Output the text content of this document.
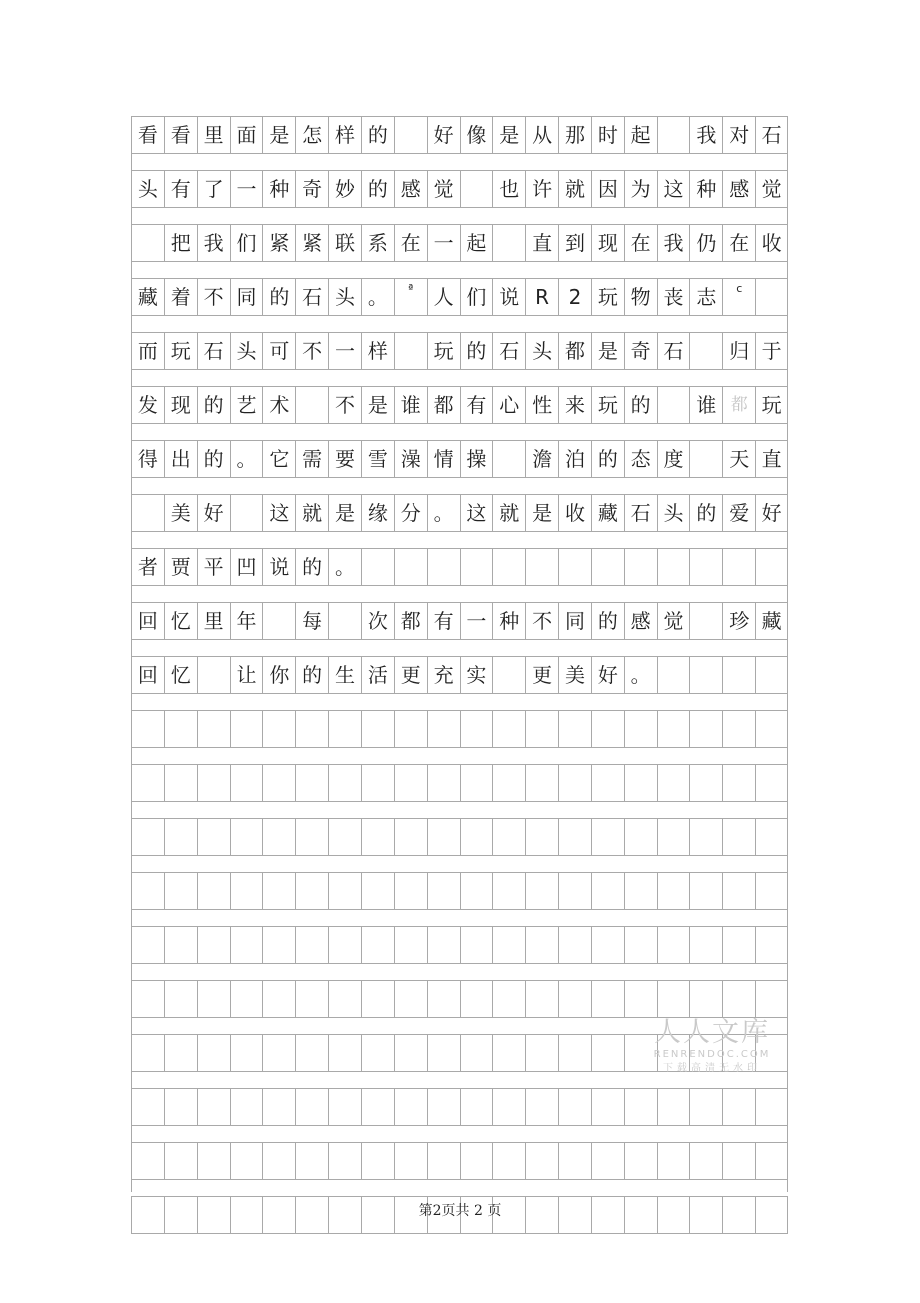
看 看 里 面 是 怎 样 的	好 像 是 从 那 时 起	我 对 石
头 有 了 一 种 奇 妙 的 感 觉	也 许 就 因 为 这 种 感 觉
把 我 们 紧 紧 联 系 在 一 起	直 到 现 在 我 仍 在 收
藏 着 不 同 的 石 头 。	ª	人 们 说 R 2 玩 物 丧 志	c
而 玩 石 头 可 不 一 样	玩 的 石 头 都 是 奇 石	归 于
发 现 的 艺 术	不 是 谁 都 有 心 性 来 玩 的	谁 都 玩
得 出 的 。 它 需 要 雪 澡 情 操	澹 泊 的 态 度	天 直
美 好	这 就 是 缘 分 。 这 就 是 收 藏 石 头 的 爱 好
者 贾 平 凹 说 的 。
回 忆 里 年	每	次 都 有 一 种 不 同 的 感 觉	珍 藏
回 忆	让 你 的 生 活 更 充 实	更 美 好 。
人人文库
RENRENDOC.COM
下载高清无水印
第2页共 2 页
